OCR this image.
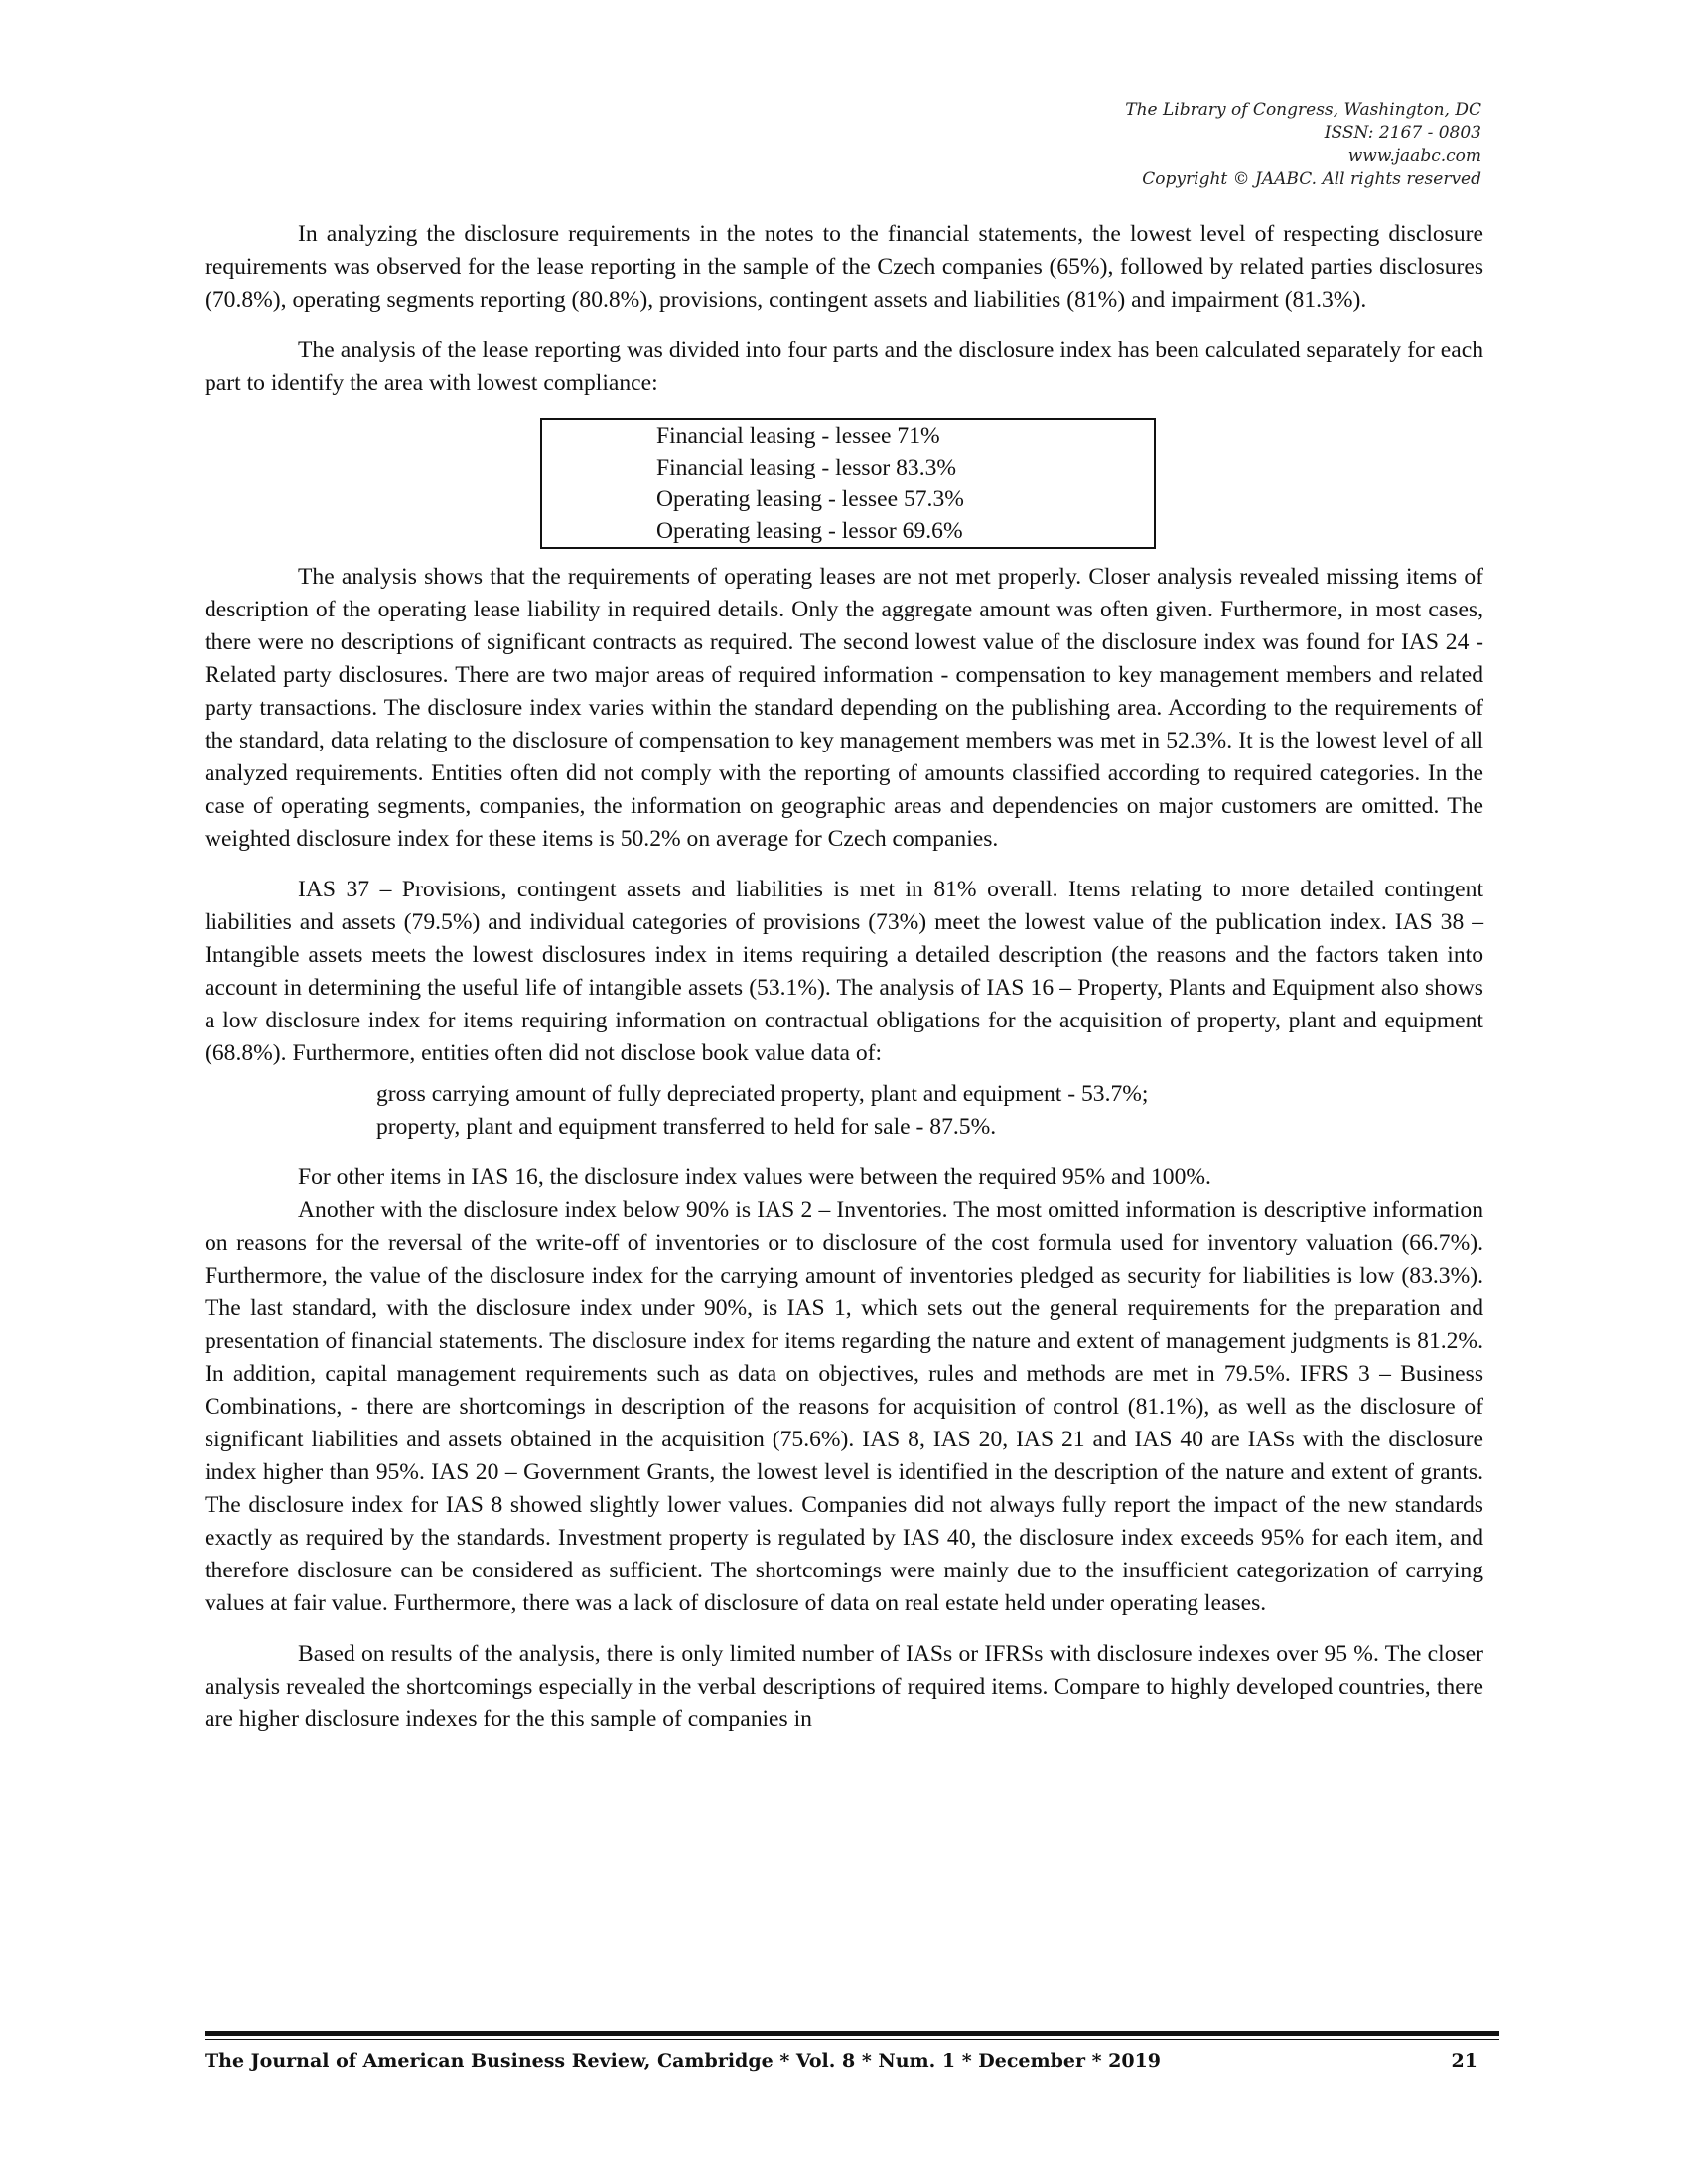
The Library of Congress, Washington, DC
ISSN: 2167 - 0803
www.jaabc.com
Copyright © JAABC. All rights reserved

In analyzing the disclosure requirements in the notes to the financial statements, the lowest level of respecting disclosure requirements was observed for the lease reporting in the sample of the Czech companies (65%), followed by related parties disclosures (70.8%), operating segments reporting (80.8%), provisions, contingent assets and liabilities (81%) and impairment (81.3%).

The analysis of the lease reporting was divided into four parts and the disclosure index has been calculated separately for each part to identify the area with lowest compliance:

Financial leasing - lessee 71%
Financial leasing - lessor 83.3%
Operating leasing - lessee 57.3%
Operating leasing - lessor 69.6%

The analysis shows that the requirements of operating leases are not met properly. Closer analysis revealed missing items of description of the operating lease liability in required details. Only the aggregate amount was often given. Furthermore, in most cases, there were no descriptions of significant contracts as required. The second lowest value of the disclosure index was found for IAS 24 - Related party disclosures. There are two major areas of required information - compensation to key management members and related party transactions. The disclosure index varies within the standard depending on the publishing area. According to the requirements of the standard, data relating to the disclosure of compensation to key management members was met in 52.3%. It is the lowest level of all analyzed requirements. Entities often did not comply with the reporting of amounts classified according to required categories. In the case of operating segments, companies, the information on geographic areas and dependencies on major customers are omitted. The weighted disclosure index for these items is 50.2% on average for Czech companies.

IAS 37 – Provisions, contingent assets and liabilities is met in 81% overall. Items relating to more detailed contingent liabilities and assets (79.5%) and individual categories of provisions (73%) meet the lowest value of the publication index. IAS 38 – Intangible assets meets the lowest disclosures index in items requiring a detailed description (the reasons and the factors taken into account in determining the useful life of intangible assets (53.1%). The analysis of IAS 16 – Property, Plants and Equipment also shows a low disclosure index for items requiring information on contractual obligations for the acquisition of property, plant and equipment (68.8%). Furthermore, entities often did not disclose book value data of:

gross carrying amount of fully depreciated property, plant and equipment - 53.7%;
property, plant and equipment transferred to held for sale - 87.5%.

For other items in IAS 16, the disclosure index values were between the required 95% and 100%.

Another with the disclosure index below 90% is IAS 2 – Inventories. The most omitted information is descriptive information on reasons for the reversal of the write-off of inventories or to disclosure of the cost formula used for inventory valuation (66.7%). Furthermore, the value of the disclosure index for the carrying amount of inventories pledged as security for liabilities is low (83.3%). The last standard, with the disclosure index under 90%, is IAS 1, which sets out the general requirements for the preparation and presentation of financial statements. The disclosure index for items regarding the nature and extent of management judgments is 81.2%. In addition, capital management requirements such as data on objectives, rules and methods are met in 79.5%. IFRS 3 – Business Combinations, - there are shortcomings in description of the reasons for acquisition of control (81.1%), as well as the disclosure of significant liabilities and assets obtained in the acquisition (75.6%). IAS 8, IAS 20, IAS 21 and IAS 40 are IASs with the disclosure index higher than 95%. IAS 20 – Government Grants, the lowest level is identified in the description of the nature and extent of grants. The disclosure index for IAS 8 showed slightly lower values. Companies did not always fully report the impact of the new standards exactly as required by the standards. Investment property is regulated by IAS 40, the disclosure index exceeds 95% for each item, and therefore disclosure can be considered as sufficient. The shortcomings were mainly due to the insufficient categorization of carrying values at fair value. Furthermore, there was a lack of disclosure of data on real estate held under operating leases.

Based on results of the analysis, there is only limited number of IASs or IFRSs with disclosure indexes over 95 %. The closer analysis revealed the shortcomings especially in the verbal descriptions of required items. Compare to highly developed countries, there are higher disclosure indexes for the this sample of companies in

The Journal of American Business Review, Cambridge * Vol. 8 * Num. 1 * December * 2019	21
